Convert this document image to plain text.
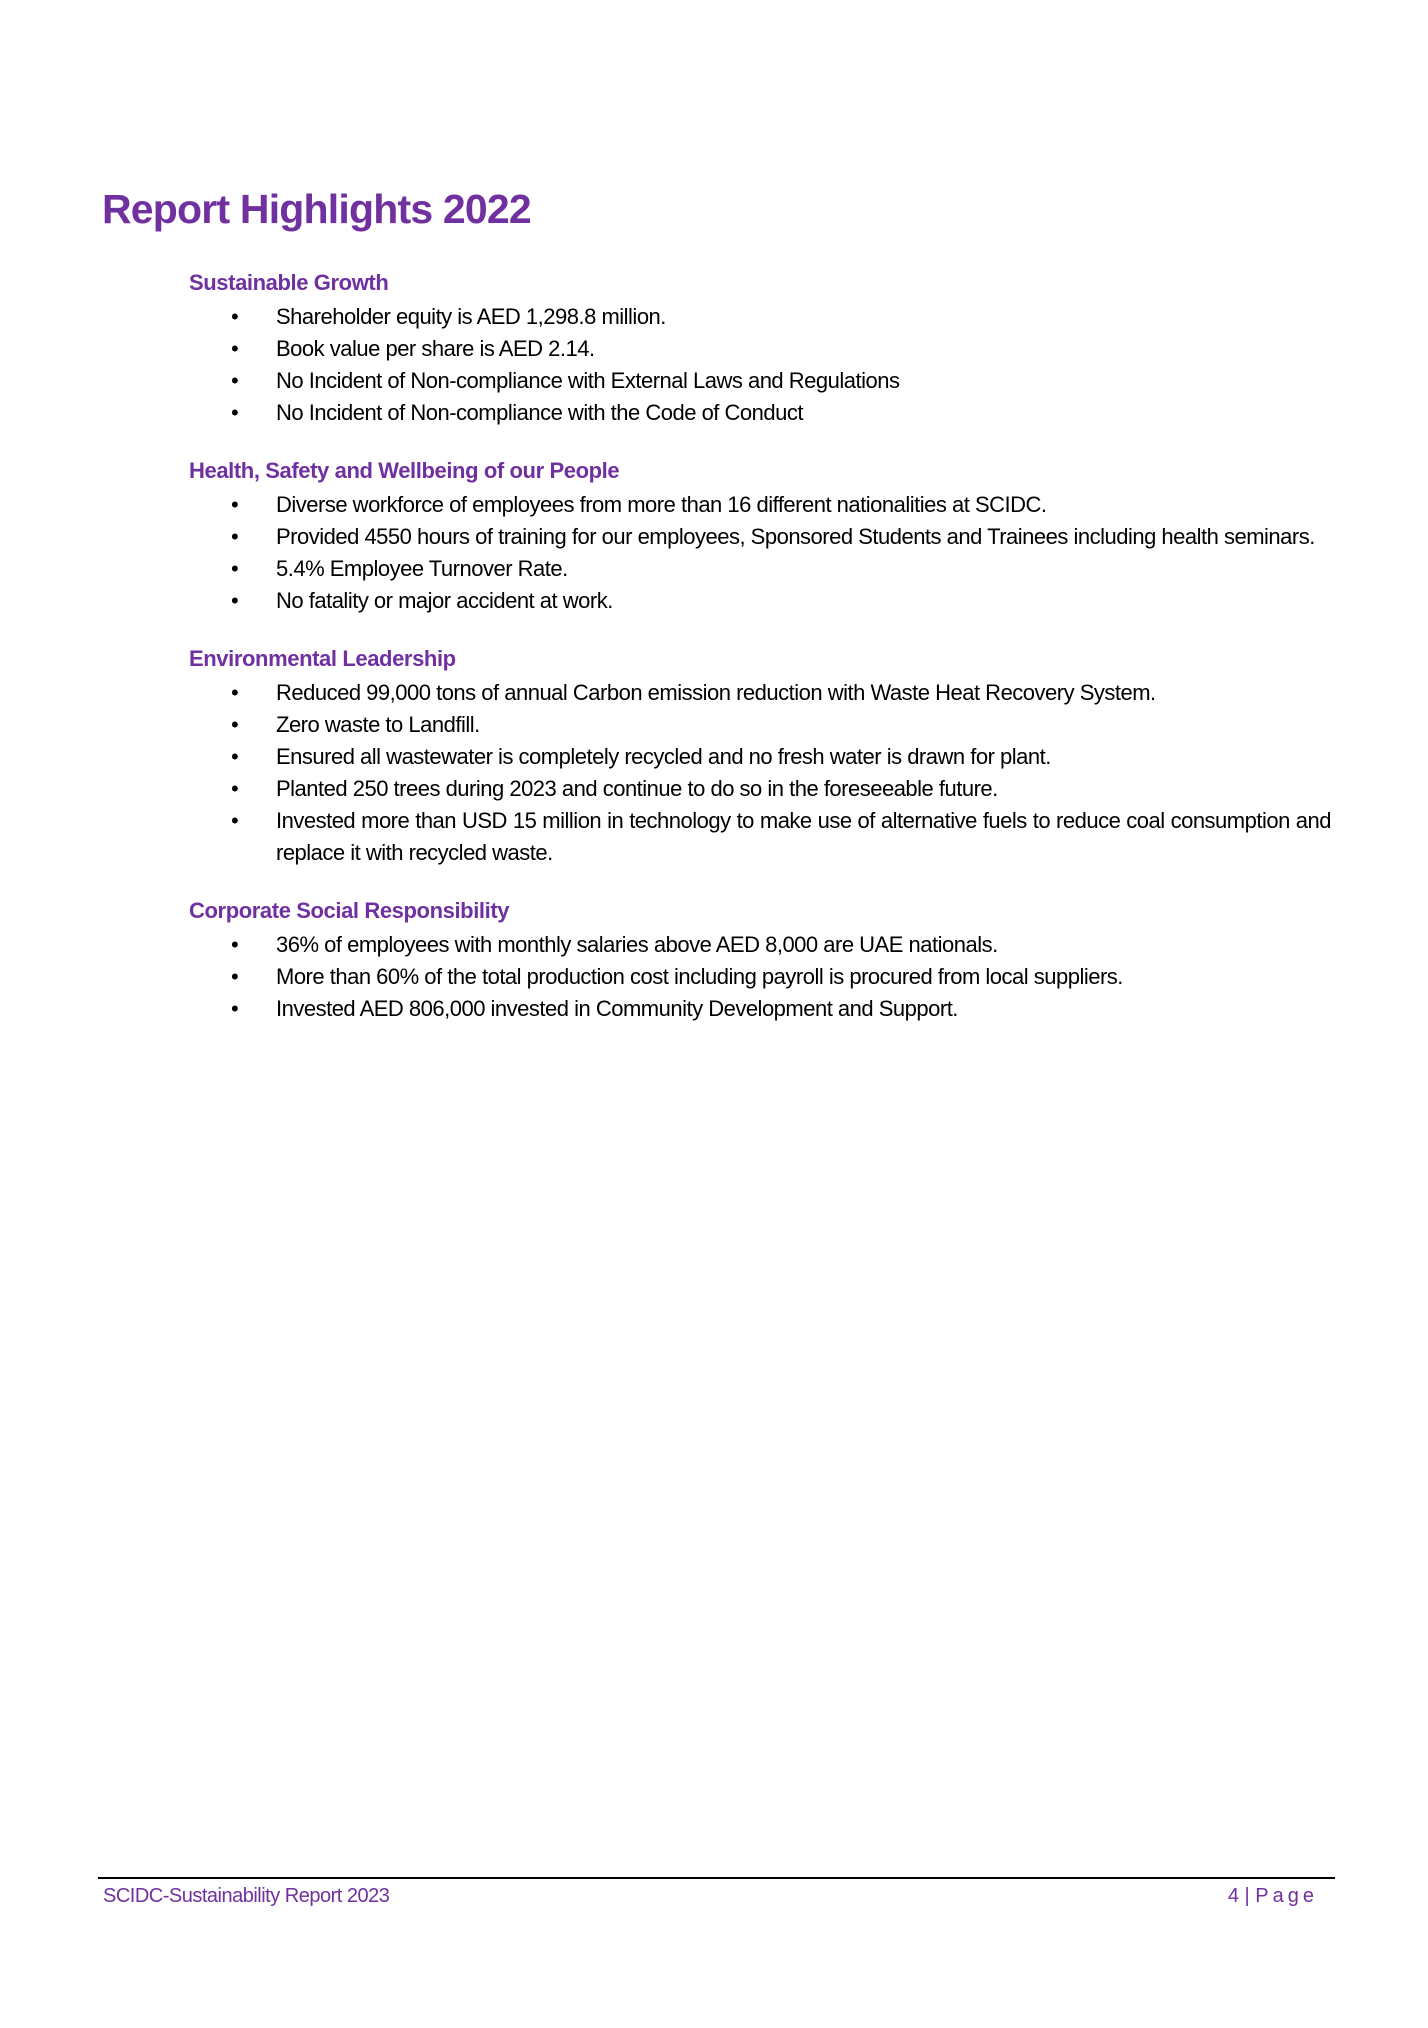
Report Highlights 2022
Sustainable Growth
• Shareholder equity is AED 1,298.8 million.
• Book value per share is AED 2.14.
• No Incident of Non-compliance with External Laws and Regulations
• No Incident of Non-compliance with the Code of Conduct
Health, Safety and Wellbeing of our People
• Diverse workforce of employees from more than 16 different nationalities at SCIDC.
• Provided 4550 hours of training for our employees, Sponsored Students and Trainees including health seminars.
• 5.4% Employee Turnover Rate.
• No fatality or major accident at work.
Environmental Leadership
• Reduced 99,000 tons of annual Carbon emission reduction with Waste Heat Recovery System.
• Zero waste to Landfill.
• Ensured all wastewater is completely recycled and no fresh water is drawn for plant.
• Planted 250 trees during 2023 and continue to do so in the foreseeable future.
• Invested more than USD 15 million in technology to make use of alternative fuels to reduce coal consumption and replace it with recycled waste.
Corporate Social Responsibility
• 36% of employees with monthly salaries above AED 8,000 are UAE nationals.
• More than 60% of the total production cost including payroll is procured from local suppliers.
• Invested AED 806,000 invested in Community Development and Support.
SCIDC-Sustainability Report 2023	4 | Page
